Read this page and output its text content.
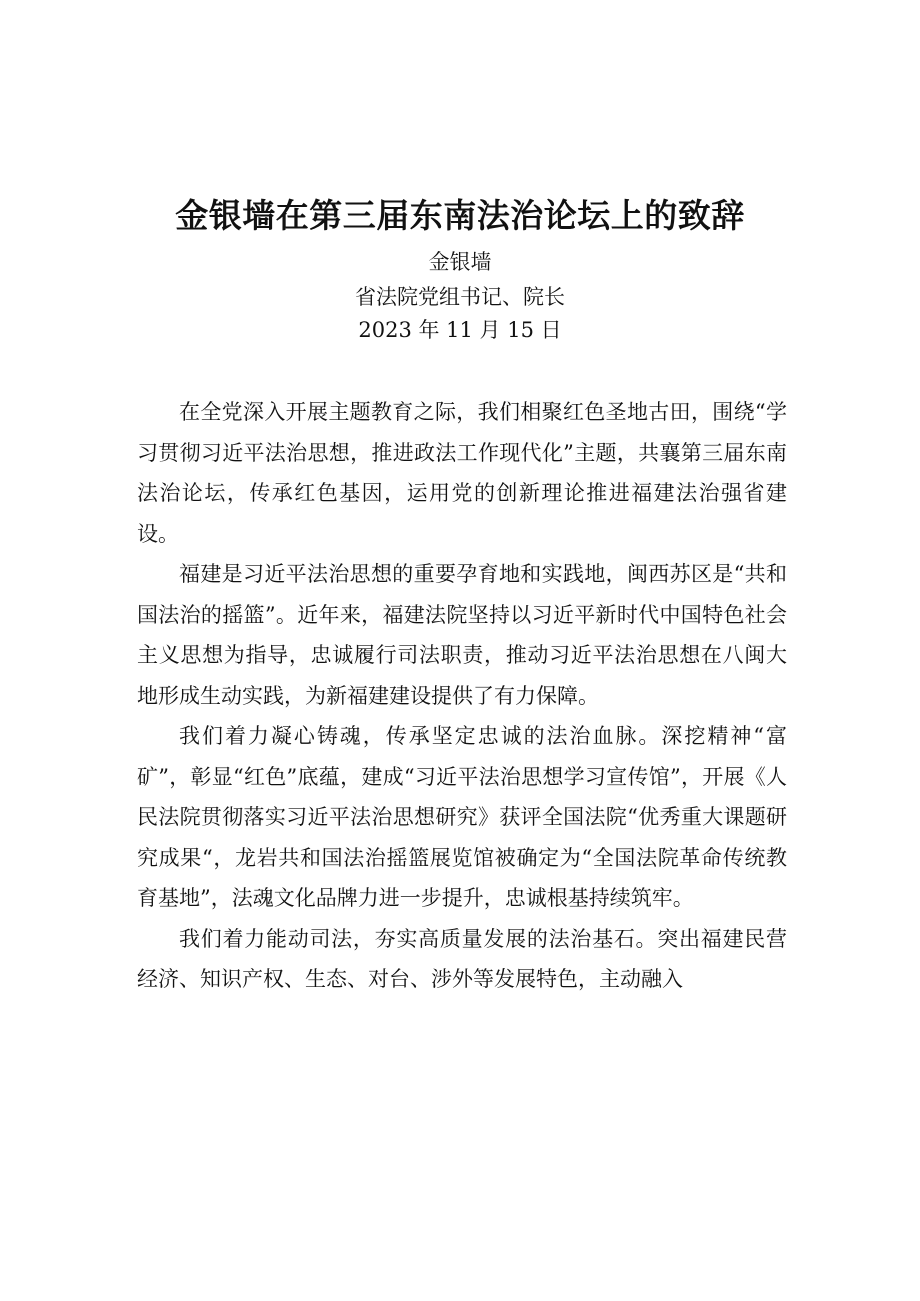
金银墙在第三届东南法治论坛上的致辞
金银墙
省法院党组书记、院长
2023 年 11 月 15 日

在全党深入开展主题教育之际，我们相聚红色圣地古田，围绕“学习贯彻习近平法治思想，推进政法工作现代化”主题，共襄第三届东南法治论坛，传承红色基因，运用党的创新理论推进福建法治强省建设。

福建是习近平法治思想的重要孕育地和实践地，闽西苏区是“共和国法治的摇篮”。近年来，福建法院坚持以习近平新时代中国特色社会主义思想为指导，忠诚履行司法职责，推动习近平法治思想在八闽大地形成生动实践，为新福建建设提供了有力保障。

我们着力凝心铸魂，传承坚定忠诚的法治血脉。深挖精神“富矿”，彰显“红色”底蕴，建成“习近平法治思想学习宣传馆”，开展《人民法院贯彻落实习近平法治思想研究》获评全国法院“优秀重大课题研究成果“，龙岩共和国法治摇篮展览馆被确定为“全国法院革命传统教育基地”，法魂文化品牌力进一步提升，忠诚根基持续筑牢。

我们着力能动司法，夯实高质量发展的法治基石。突出福建民营经济、知识产权、生态、对台、涉外等发展特色，主动融入
